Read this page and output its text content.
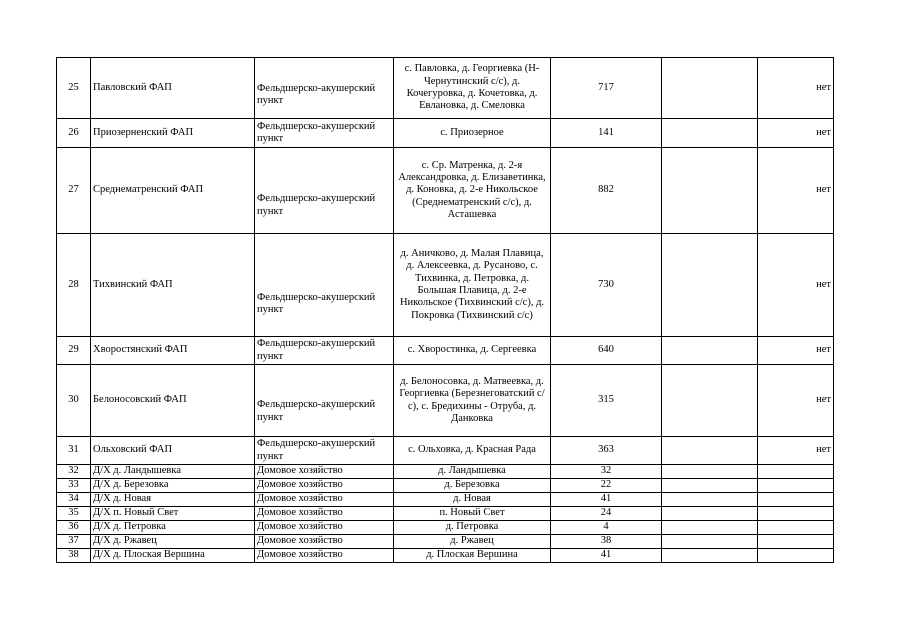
25	Павловский ФАП	Фельдшерско-акушерский пункт	с. Павловка, д. Георгиевка (Н-Чернутинский с/с), д. Кочегуровка, д. Кочетовка, д. Евлановка, д. Смеловка	717		нет
26	Приозерненский ФАП	Фельдшерско-акушерский пункт	с. Приозерное	141		нет
27	Среднематренский ФАП	Фельдшерско-акушерский пункт	с. Ср. Матренка, д. 2-я Александровка, д. Елизаветинка, д. Коновка, д. 2-е Никольское (Среднематренский с/с), д. Асташевка	882		нет
28	Тихвинский ФАП	Фельдшерско-акушерский пункт	д. Аничково, д. Малая Плавица, д. Алексеевка, д. Русаново, с. Тихвинка, д. Петровка, д. Большая Плавица, д. 2-е Никольское (Тихвинский с/с), д. Покровка (Тихвинский с/с)	730		нет
29	Хворостянский ФАП	Фельдшерско-акушерский пункт	с. Хворостянка, д. Сергеевка	640		нет
30	Белоносовский ФАП	Фельдшерско-акушерский пункт	д. Белоносовка, д. Матвеевка, д. Георгиевка (Березнеговатский с/с), с. Бредихины - Отруба, д. Данковка	315		нет
31	Ольховский ФАП	Фельдшерско-акушерский пункт	с. Ольховка, д. Красная Рада	363		нет
32	Д/Х д. Ландышевка	Домовое хозяйство	д. Ландышевка	32		
33	Д/Х д. Березовка	Домовое хозяйство	д. Березовка	22		
34	Д/Х д. Новая	Домовое хозяйство	д. Новая	41		
35	Д/Х п. Новый Свет	Домовое хозяйство	п. Новый Свет	24		
36	Д/Х д. Петровка	Домовое хозяйство	д. Петровка	4		
37	Д/Х д. Ржавец	Домовое хозяйство	д. Ржавец	38		
38	Д/Х д. Плоская Вершина	Домовое хозяйство	д. Плоская Вершина	41		
